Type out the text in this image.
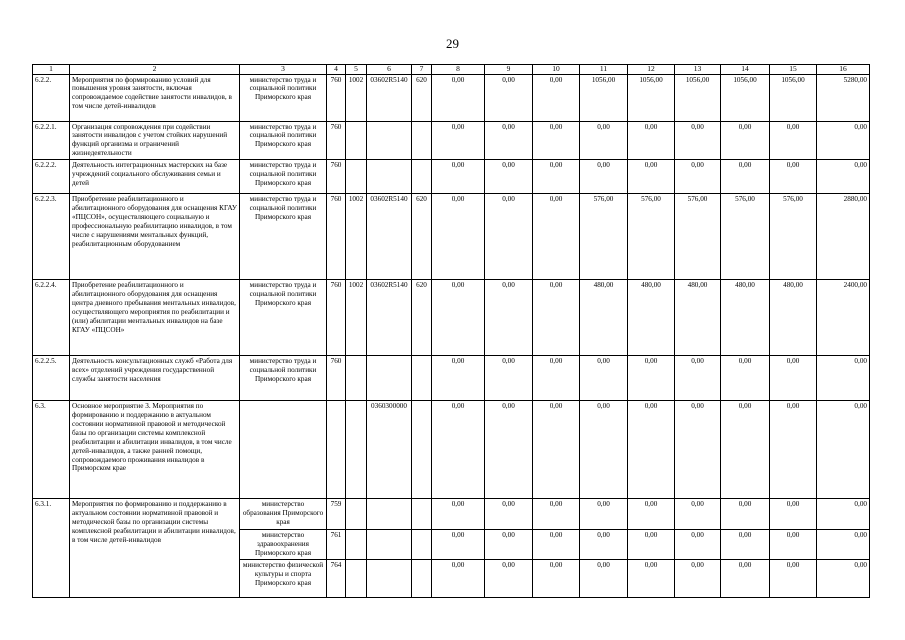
29
1	2	3	4	5	6	7	8	9	10	11	12	13	14	15	16
6.2.2.	Мероприятия по формированию условий для повышения уровня занятости, включая сопровождаемое содействие занятости инвалидов, в том числе детей-инвалидов	министерство труда и социальной политики Приморского края	760	1002	03602R5140	620	0,00	0,00	0,00	1056,00	1056,00	1056,00	1056,00	1056,00	5280,00
6.2.2.1.	Организация сопровождения при содействии занятости инвалидов с учетом стойких нарушений функций организма и ограничений жизнедеятельности	министерство труда и социальной политики Приморского края	760				0,00	0,00	0,00	0,00	0,00	0,00	0,00	0,00	0,00
6.2.2.2.	Деятельность интеграционных мастерских на базе учреждений социального обслуживания семьи и детей	министерство труда и социальной политики Приморского края	760				0,00	0,00	0,00	0,00	0,00	0,00	0,00	0,00	0,00
6.2.2.3.	Приобретение реабилитационного и абилитационного оборудования для оснащения КГАУ «ПЦСОН», осуществляющего социальную и профессиональную реабилитацию инвалидов, в том числе с нарушениями ментальных функций, реабилитационным оборудованием	министерство труда и социальной политики Приморского края	760	1002	03602R5140	620	0,00	0,00	0,00	576,00	576,00	576,00	576,00	576,00	2880,00
6.2.2.4.	Приобретение реабилитационного и абилитационного оборудования для оснащения центра дневного пребывания ментальных инвалидов, осуществляющего мероприятия по реабилитации и (или) абилитации ментальных инвалидов на базе КГАУ «ПЦСОН»	министерство труда и социальной политики Приморского края	760	1002	03602R5140	620	0,00	0,00	0,00	480,00	480,00	480,00	480,00	480,00	2400,00
6.2.2.5.	Деятельность консультационных служб «Работа для всех» отделений учреждения государственной службы занятости населения	министерство труда и социальной политики Приморского края	760				0,00	0,00	0,00	0,00	0,00	0,00	0,00	0,00	0,00
6.3.	Основное мероприятие 3. Мероприятия по формированию и поддержанию в актуальном состоянии нормативной правовой и методической базы по организации системы комплексной реабилитации и абилитации инвалидов, в том числе детей-инвалидов, а также ранней помощи, сопровождаемого проживания инвалидов в Приморском крае				0360300000		0,00	0,00	0,00	0,00	0,00	0,00	0,00	0,00	0,00
6.3.1.	Мероприятия по формированию и поддержанию в актуальном состоянии нормативной правовой и методической базы по организации системы комплексной реабилитации и абилитации инвалидов, в том числе детей-инвалидов	министерство образования Приморского края	759				0,00	0,00	0,00	0,00	0,00	0,00	0,00	0,00	0,00
		министерство здравоохранения Приморского края	761				0,00	0,00	0,00	0,00	0,00	0,00	0,00	0,00	0,00
		министерство физической культуры и спорта Приморского края	764				0,00	0,00	0,00	0,00	0,00	0,00	0,00	0,00	0,00
